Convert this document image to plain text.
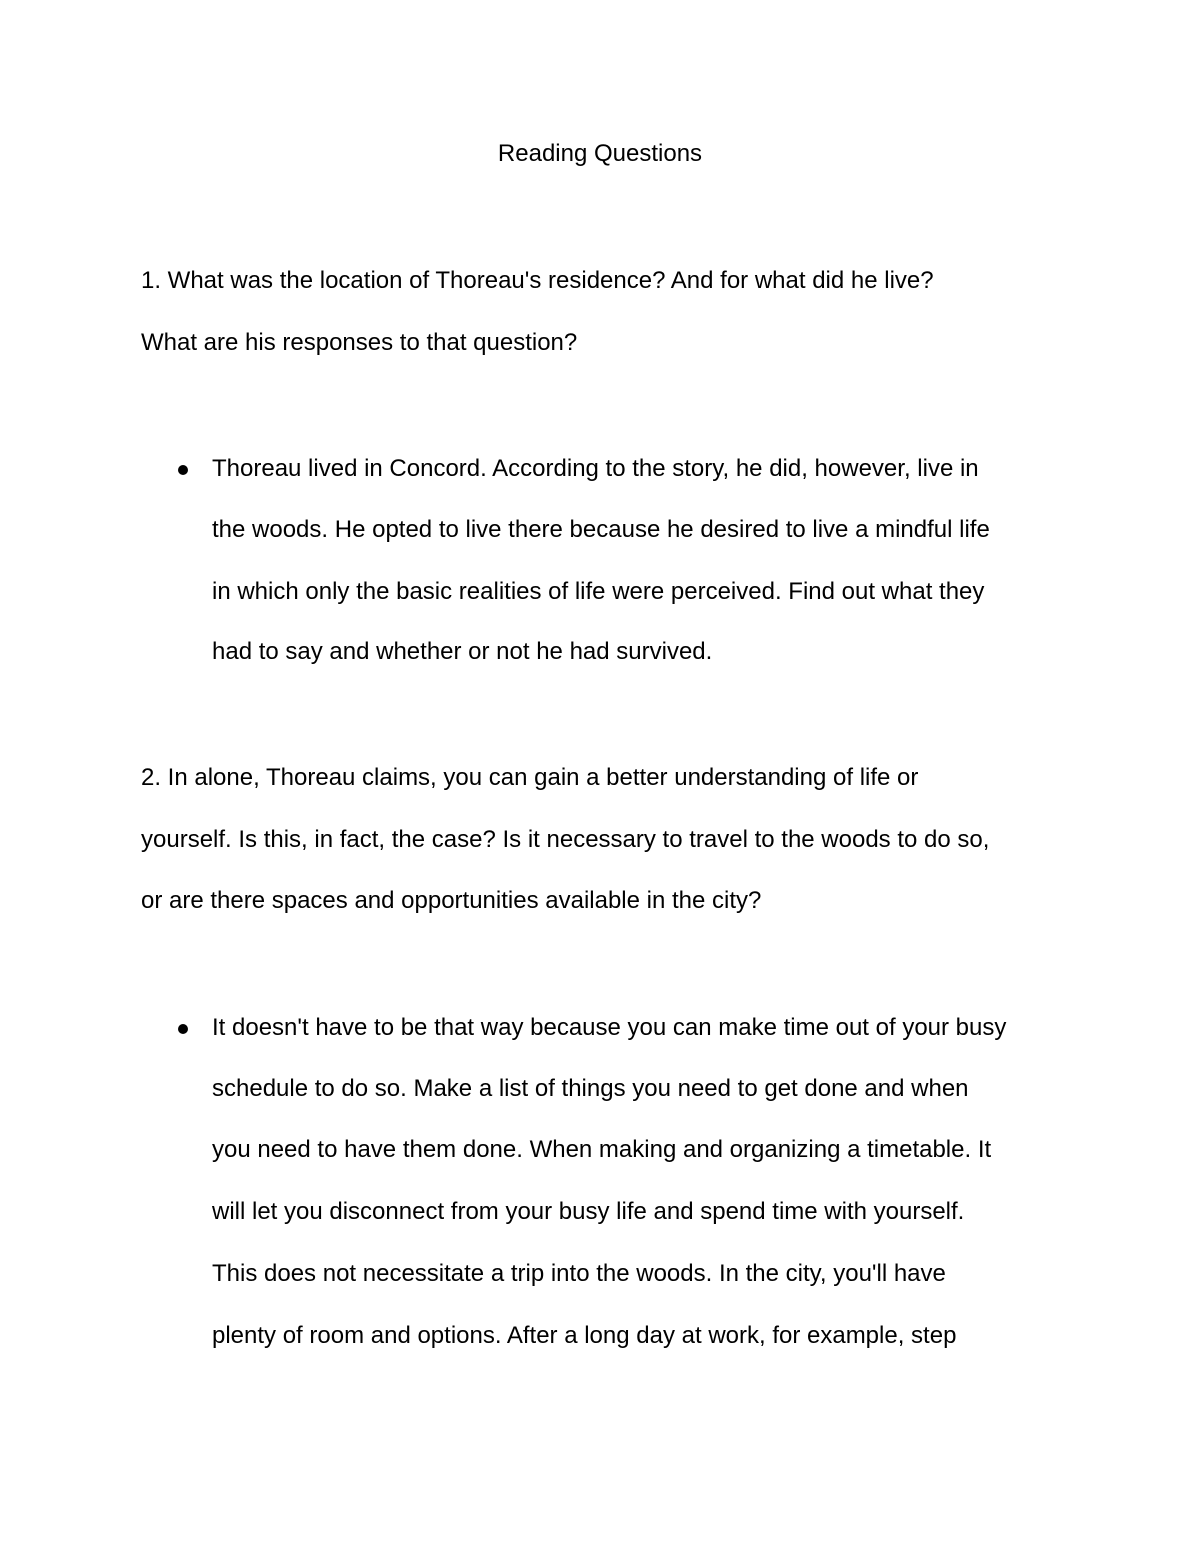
Reading Questions
1. What was the location of Thoreau's residence? And for what did he live?
What are his responses to that question?
Thoreau lived in Concord. According to the story, he did, however, live in
the woods. He opted to live there because he desired to live a mindful life
in which only the basic realities of life were perceived. Find out what they
had to say and whether or not he had survived.
2. In alone, Thoreau claims, you can gain a better understanding of life or
yourself. Is this, in fact, the case? Is it necessary to travel to the woods to do so,
or are there spaces and opportunities available in the city?
It doesn't have to be that way because you can make time out of your busy
schedule to do so. Make a list of things you need to get done and when
you need to have them done. When making and organizing a timetable. It
will let you disconnect from your busy life and spend time with yourself.
This does not necessitate a trip into the woods. In the city, you'll have
plenty of room and options. After a long day at work, for example, step
